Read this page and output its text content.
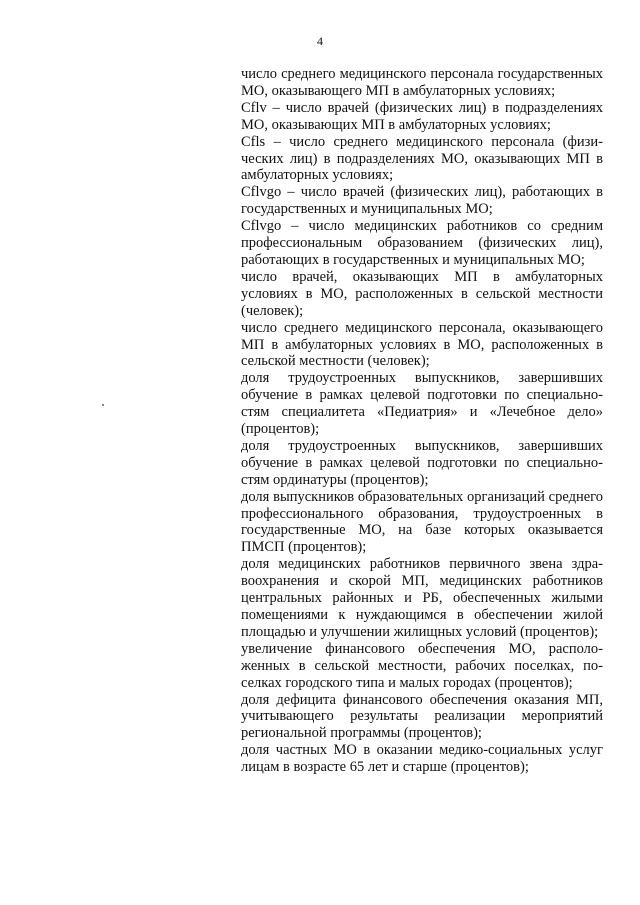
4

число среднего медицинского персонала государственных МО, оказывающего МП в амбулаторных условиях;

Cflv – число врачей (физических лиц) в подразделениях МО, оказывающих МП в амбулаторных условиях;

Cfls – число среднего медицинского персонала (физических лиц) в подразделениях МО, оказывающих МП в амбулаторных условиях;

Cflvgo – число врачей (физических лиц), работающих в государственных и муниципальных МО;

Cflvgo – число медицинских работников со средним профессиональным образованием (физических лиц), работающих в государственных и муниципальных МО;

число врачей, оказывающих МП в амбулаторных условиях в МО, расположенных в сельской местности (человек);

число среднего медицинского персонала, оказывающего МП в амбулаторных условиях в МО, расположенных в сельской местности (человек);

доля трудоустроенных выпускников, завершивших обучение в рамках целевой подготовки по специальностям специалитета «Педиатрия» и «Лечебное дело» (процентов);

доля трудоустроенных выпускников, завершивших обучение в рамках целевой подготовки по специальностям ординатуры (процентов);

доля выпускников образовательных организаций среднего профессионального образования, трудоустроенных в государственные МО, на базе которых оказывается ПМСП (процентов);

доля медицинских работников первичного звена здравоохранения и скорой МП, медицинских работников центральных районных и РБ, обеспеченных жилыми помещениями к нуждающимся в обеспечении жилой площадью и улучшении жилищных условий (процентов);

увеличение финансового обеспечения МО, расположенных в сельской местности, рабочих поселках, поселках городского типа и малых городах (процентов);

доля дефицита финансового обеспечения оказания МП, учитывающего результаты реализации мероприятий региональной программы (процентов);

доля частных МО в оказании медико-социальных услуг лицам в возрасте 65 лет и старше (процентов);
